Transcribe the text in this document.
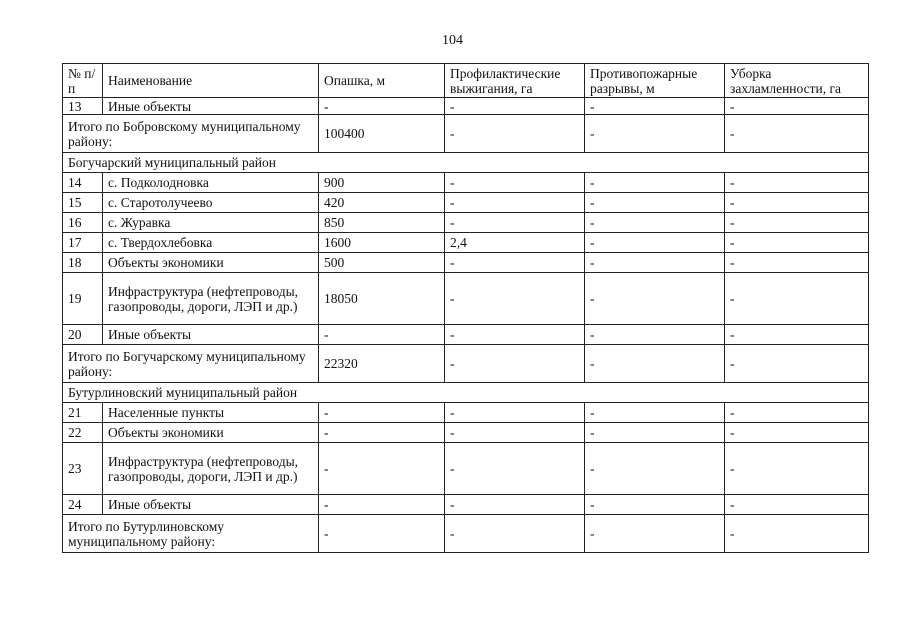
104
№ п/п	Наименование	Опашка, м	Профилактические выжигания, га	Противопожарные разрывы, м	Уборка захламленности, га
13	Иные объекты	-	-	-	-
Итого по Бобровскому муниципальному району:		100400	-	-	-
Богучарский муниципальный район					
14	с. Подколодновка	900	-	-	-
15	с. Старотолучеево	420	-	-	-
16	с. Журавка	850	-	-	-
17	с. Твердохлебовка	1600	2,4	-	-
18	Объекты экономики	500	-	-	-
19	Инфраструктура (нефтепроводы, газопроводы, дороги, ЛЭП и др.)	18050	-	-	-
20	Иные объекты	-	-	-	-
Итого по Богучарскому муниципальному району:		22320	-	-	-
Бутурлиновский муниципальный район					
21	Населенные пункты	-	-	-	-
22	Объекты экономики	-	-	-	-
23	Инфраструктура (нефтепроводы, газопроводы, дороги, ЛЭП и др.)	-	-	-	-
24	Иные объекты	-	-	-	-
Итого по Бутурлиновскому муниципальному району:		-	-	-	-
